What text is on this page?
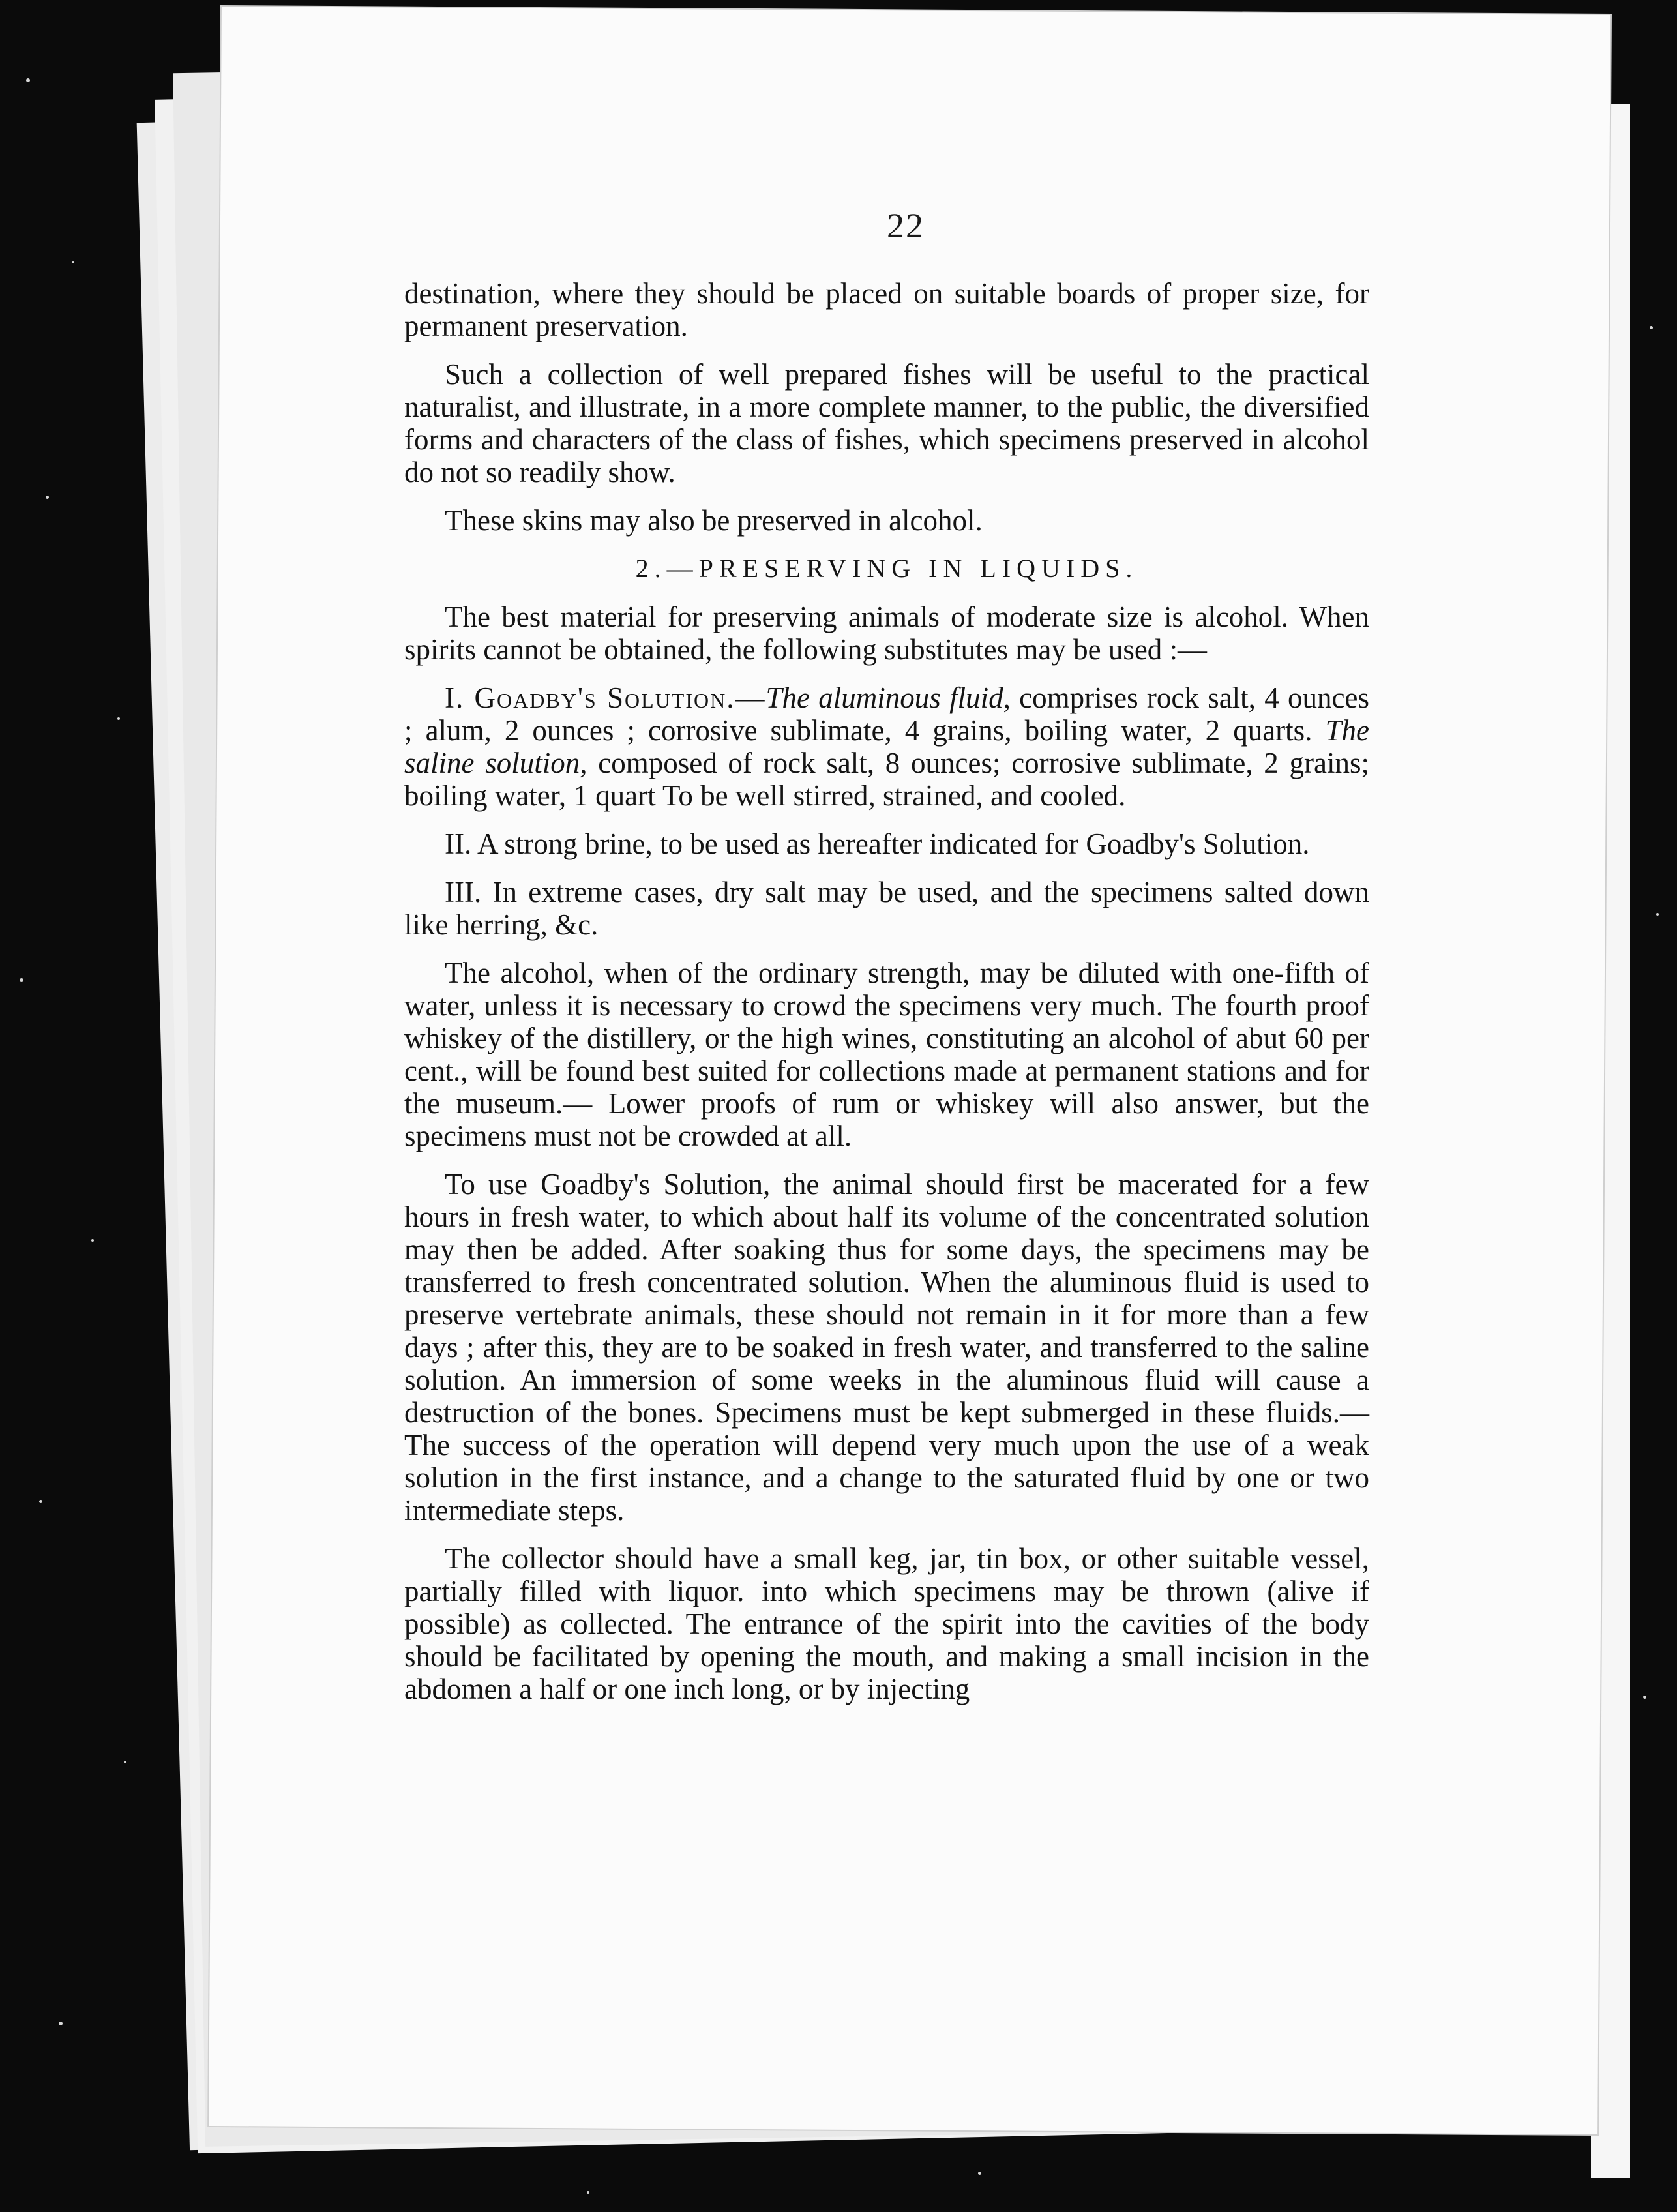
22

destination, where they should be placed on suitable boards of proper size, for permanent preservation.

Such a collection of well prepared fishes will be useful to the practical naturalist, and illustrate, in a more complete manner, to the public, the diversified forms and characters of the class of fishes, which specimens preserved in alcohol do not so readily show.

These skins may also be preserved in alcohol.

2.—PRESERVING IN LIQUIDS.

The best material for preserving animals of moderate size is alcohol. When spirits cannot be obtained, the following substitutes may be used :—

I. Goadby's Solution.—The aluminous fluid, comprises rock salt, 4 ounces ; alum, 2 ounces ; corrosive sublimate, 4 grains, boiling water, 2 quarts. The saline solution, composed of rock salt, 8 ounces; corrosive sublimate, 2 grains; boiling water, 1 quart To be well stirred, strained, and cooled.

II. A strong brine, to be used as hereafter indicated for Goadby's Solution.

III. In extreme cases, dry salt may be used, and the specimens salted down like herring, &c.

The alcohol, when of the ordinary strength, may be diluted with one-fifth of water, unless it is necessary to crowd the specimens very much. The fourth proof whiskey of the distillery, or the high wines, constituting an alcohol of abut 60 per cent., will be found best suited for collections made at permanent stations and for the museum.— Lower proofs of rum or whiskey will also answer, but the specimens must not be crowded at all.

To use Goadby's Solution, the animal should first be macerated for a few hours in fresh water, to which about half its volume of the concentrated solution may then be added. After soaking thus for some days, the specimens may be transferred to fresh concentrated solution. When the aluminous fluid is used to preserve vertebrate animals, these should not remain in it for more than a few days ; after this, they are to be soaked in fresh water, and transferred to the saline solution. An immersion of some weeks in the aluminous fluid will cause a destruction of the bones. Specimens must be kept submerged in these fluids.— The success of the operation will depend very much upon the use of a weak solution in the first instance, and a change to the saturated fluid by one or two intermediate steps.

The collector should have a small keg, jar, tin box, or other suitable vessel, partially filled with liquor. into which specimens may be thrown (alive if possible) as collected. The entrance of the spirit into the cavities of the body should be facilitated by opening the mouth, and making a small incision in the abdomen a half or one inch long, or by injecting
